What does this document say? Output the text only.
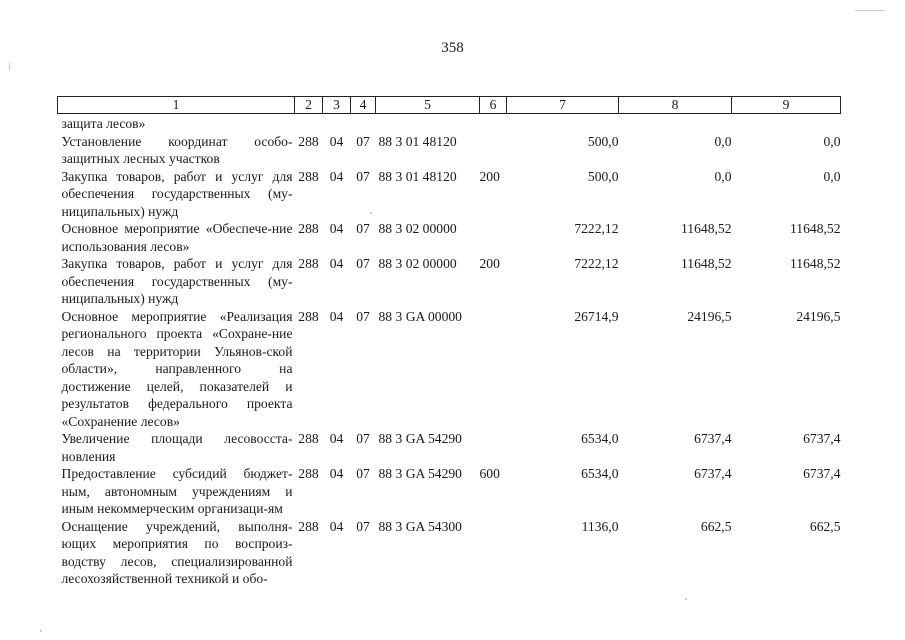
358
1	2	3	4	5	6	7	8	9
защита лесов»								
Установление координат особо-защитных лесных участков	288	04	07	88 3 01 48120		500,0	0,0	0,0
Закупка товаров, работ и услуг для обеспечения государственных (му-ниципальных) нужд	288	04	07	88 3 01 48120	200	500,0	0,0	0,0
Основное мероприятие «Обеспече-ние использования лесов»	288	04	07	88 3 02 00000		7222,12	11648,52	11648,52
Закупка товаров, работ и услуг для обеспечения государственных (му-ниципальных) нужд	288	04	07	88 3 02 00000	200	7222,12	11648,52	11648,52
Основное мероприятие «Реализация регионального проекта «Сохране-ние лесов на территории Ульянов-ской области», направленного на достижение целей, показателей и результатов федерального проекта «Сохранение лесов»	288	04	07	88 3 GA 00000		26714,9	24196,5	24196,5
Увеличение площади лесовосста-новления	288	04	07	88 3 GA 54290		6534,0	6737,4	6737,4
Предоставление субсидий бюджет-ным, автономным учреждениям и иным некоммерческим организаци-ям	288	04	07	88 3 GA 54290	600	6534,0	6737,4	6737,4
Оснащение учреждений, выполня-ющих мероприятия по воспроиз-водству лесов, специализированной лесохозяйственной техникой и обо-	288	04	07	88 3 GA 54300		1136,0	662,5	662,5
